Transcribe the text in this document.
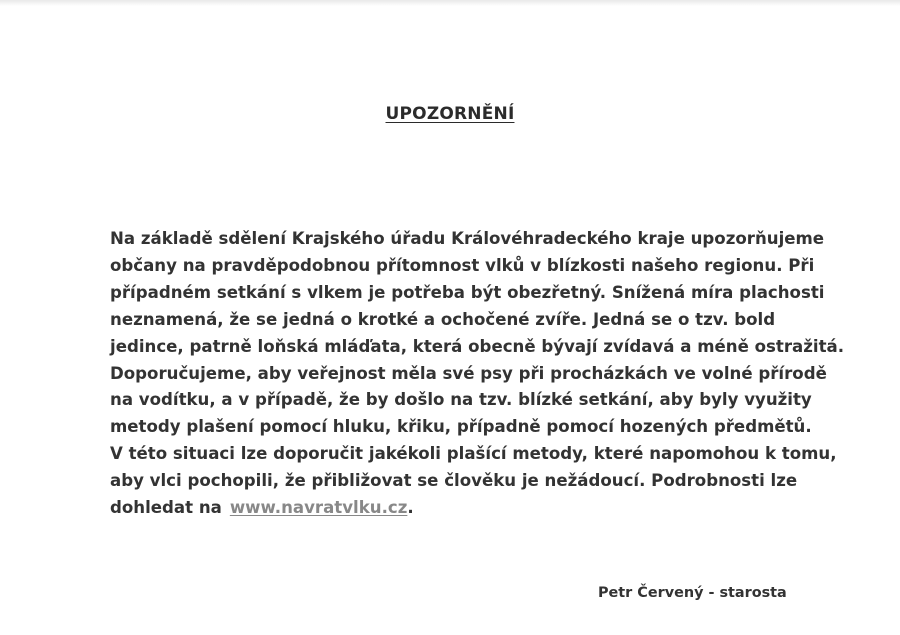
UPOZORNĚNÍ
Na základě sdělení Krajského úřadu Královéhradeckého kraje upozorňujeme
občany na pravděpodobnou přítomnost vlků v blízkosti našeho regionu. Při
případném setkání s vlkem je potřeba být obezřetný. Snížená míra plachosti
neznamená, že se jedná o krotké a ochočené zvíře. Jedná se o tzv. bold
jedince, patrně loňská mláďata, která obecně bývají zvídavá a méně ostražitá.
Doporučujeme, aby veřejnost měla své psy při procházkách ve volné přírodě
na vodítku, a v případě, že by došlo na tzv. blízké setkání, aby byly využity
metody plašení pomocí hluku, křiku, případně pomocí hozených předmětů.
V této situaci lze doporučit jakékoli plašící metody, které napomohou k tomu,
aby vlci pochopili, že přibližovat se člověku je nežádoucí. Podrobnosti lze
dohledat na www.navratvlku.cz.
Petr Červený - starosta
